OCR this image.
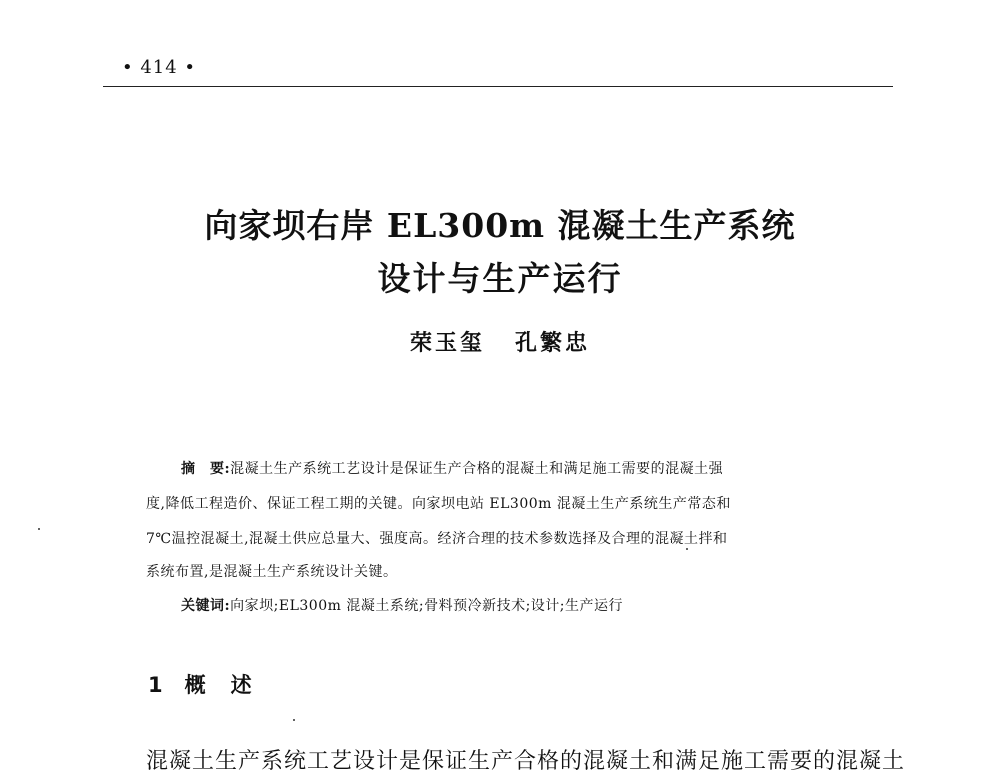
• 414 •
向家坝右岸 EL300m 混凝土生产系统
设计与生产运行
荣玉玺 孔繁忠
摘　要:混凝土生产系统工艺设计是保证生产合格的混凝土和满足施工需要的混凝土强
度,降低工程造价、保证工程工期的关键。向家坝电站 EL300m 混凝土生产系统生产常态和
7℃温控混凝土,混凝土供应总量大、强度高。经济合理的技术参数选择及合理的混凝土拌和
系统布置,是混凝土生产系统设计关键。
关键词:向家坝;EL300m 混凝土系统;骨料预冷新技术;设计;生产运行
1 概　述
混凝土生产系统工艺设计是保证生产合格的混凝土和满足施工需要的混凝土
